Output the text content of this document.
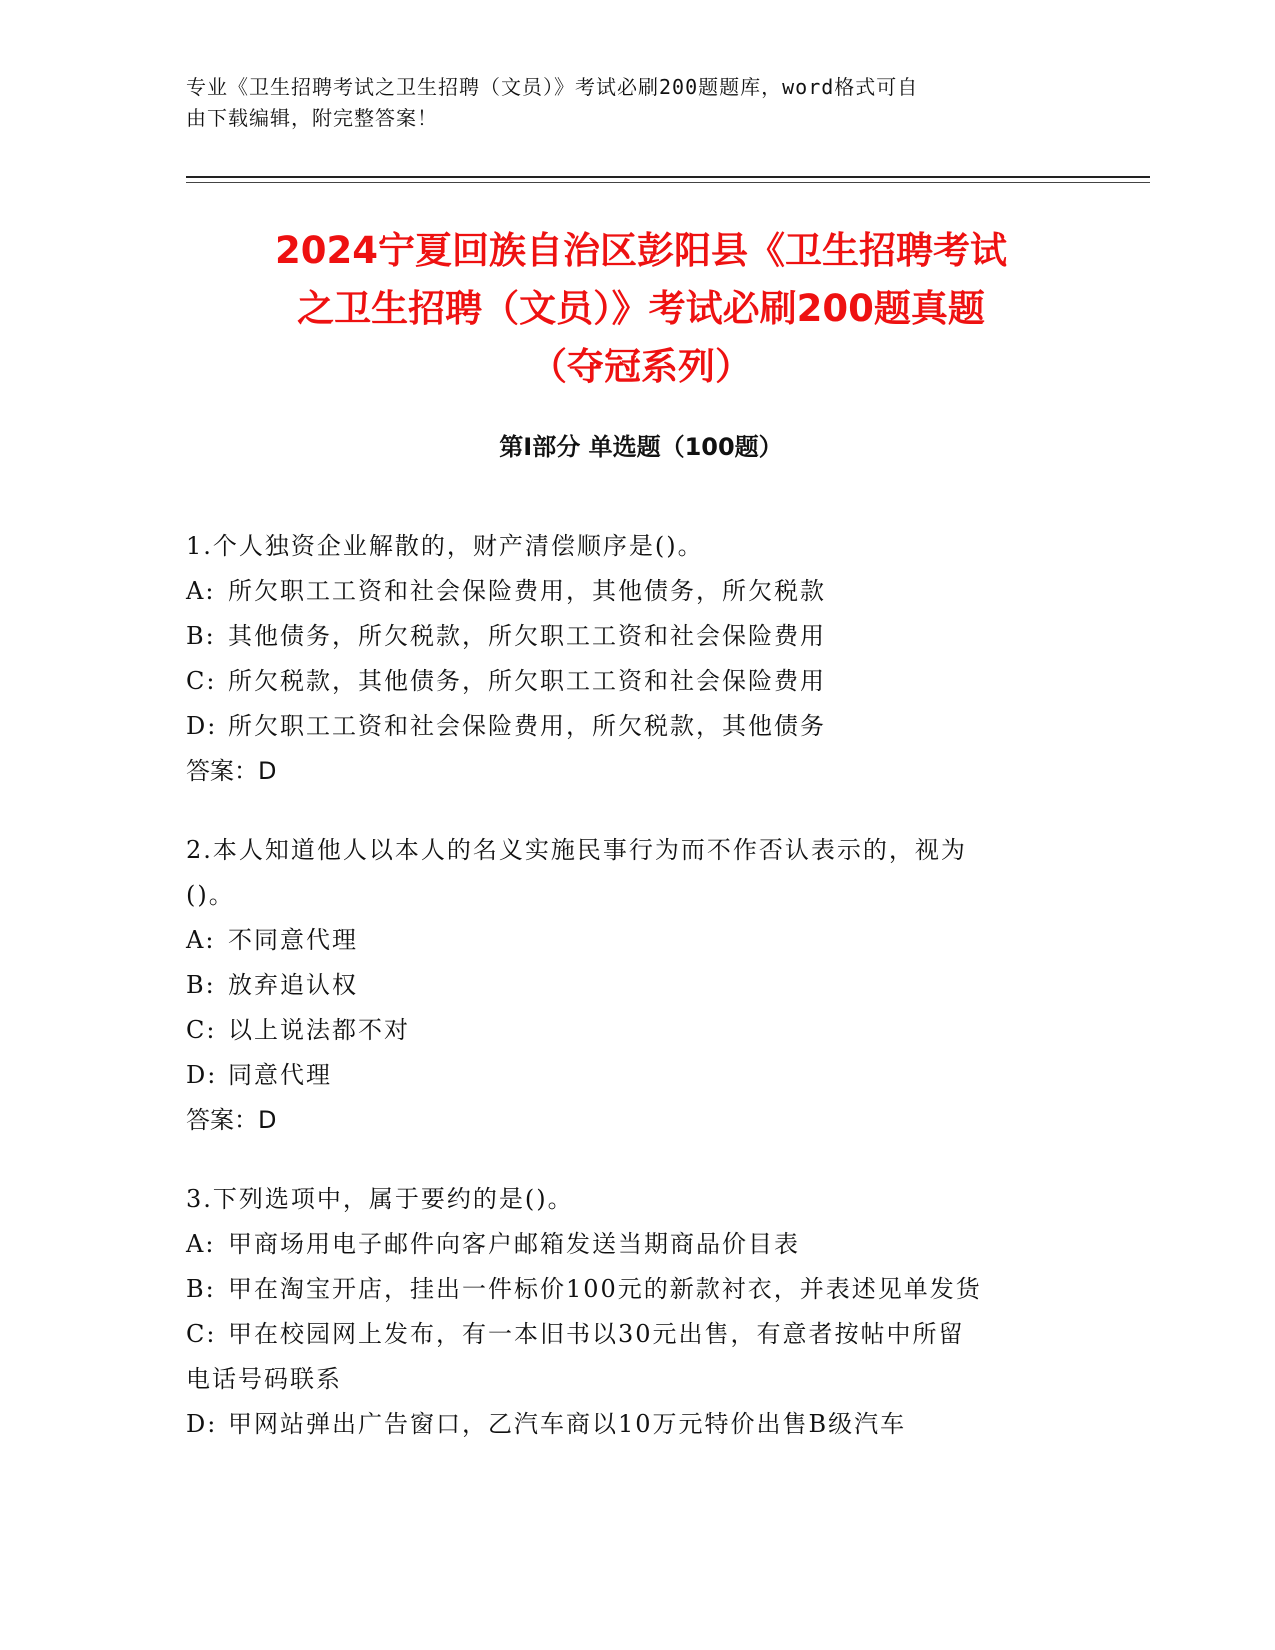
专业《卫生招聘考试之卫生招聘（文员）》考试必刷200题题库，word格式可自
由下载编辑，附完整答案！
2024宁夏回族自治区彭阳县《卫生招聘考试
之卫生招聘（文员）》考试必刷200题真题
（夺冠系列）
第Ⅰ部分 单选题（100题）
1.个人独资企业解散的，财产清偿顺序是()。
A: 所欠职工工资和社会保险费用，其他债务，所欠税款
B: 其他债务，所欠税款，所欠职工工资和社会保险费用
C: 所欠税款，其他债务，所欠职工工资和社会保险费用
D: 所欠职工工资和社会保险费用，所欠税款，其他债务
答案：D
2.本人知道他人以本人的名义实施民事行为而不作否认表示的，视为
()。
A: 不同意代理
B: 放弃追认权
C: 以上说法都不对
D: 同意代理
答案：D
3.下列选项中，属于要约的是()。
A: 甲商场用电子邮件向客户邮箱发送当期商品价目表
B: 甲在淘宝开店，挂出一件标价100元的新款衬衣，并表述见单发货
C: 甲在校园网上发布，有一本旧书以30元出售，有意者按帖中所留
电话号码联系
D: 甲网站弹出广告窗口，乙汽车商以10万元特价出售B级汽车
